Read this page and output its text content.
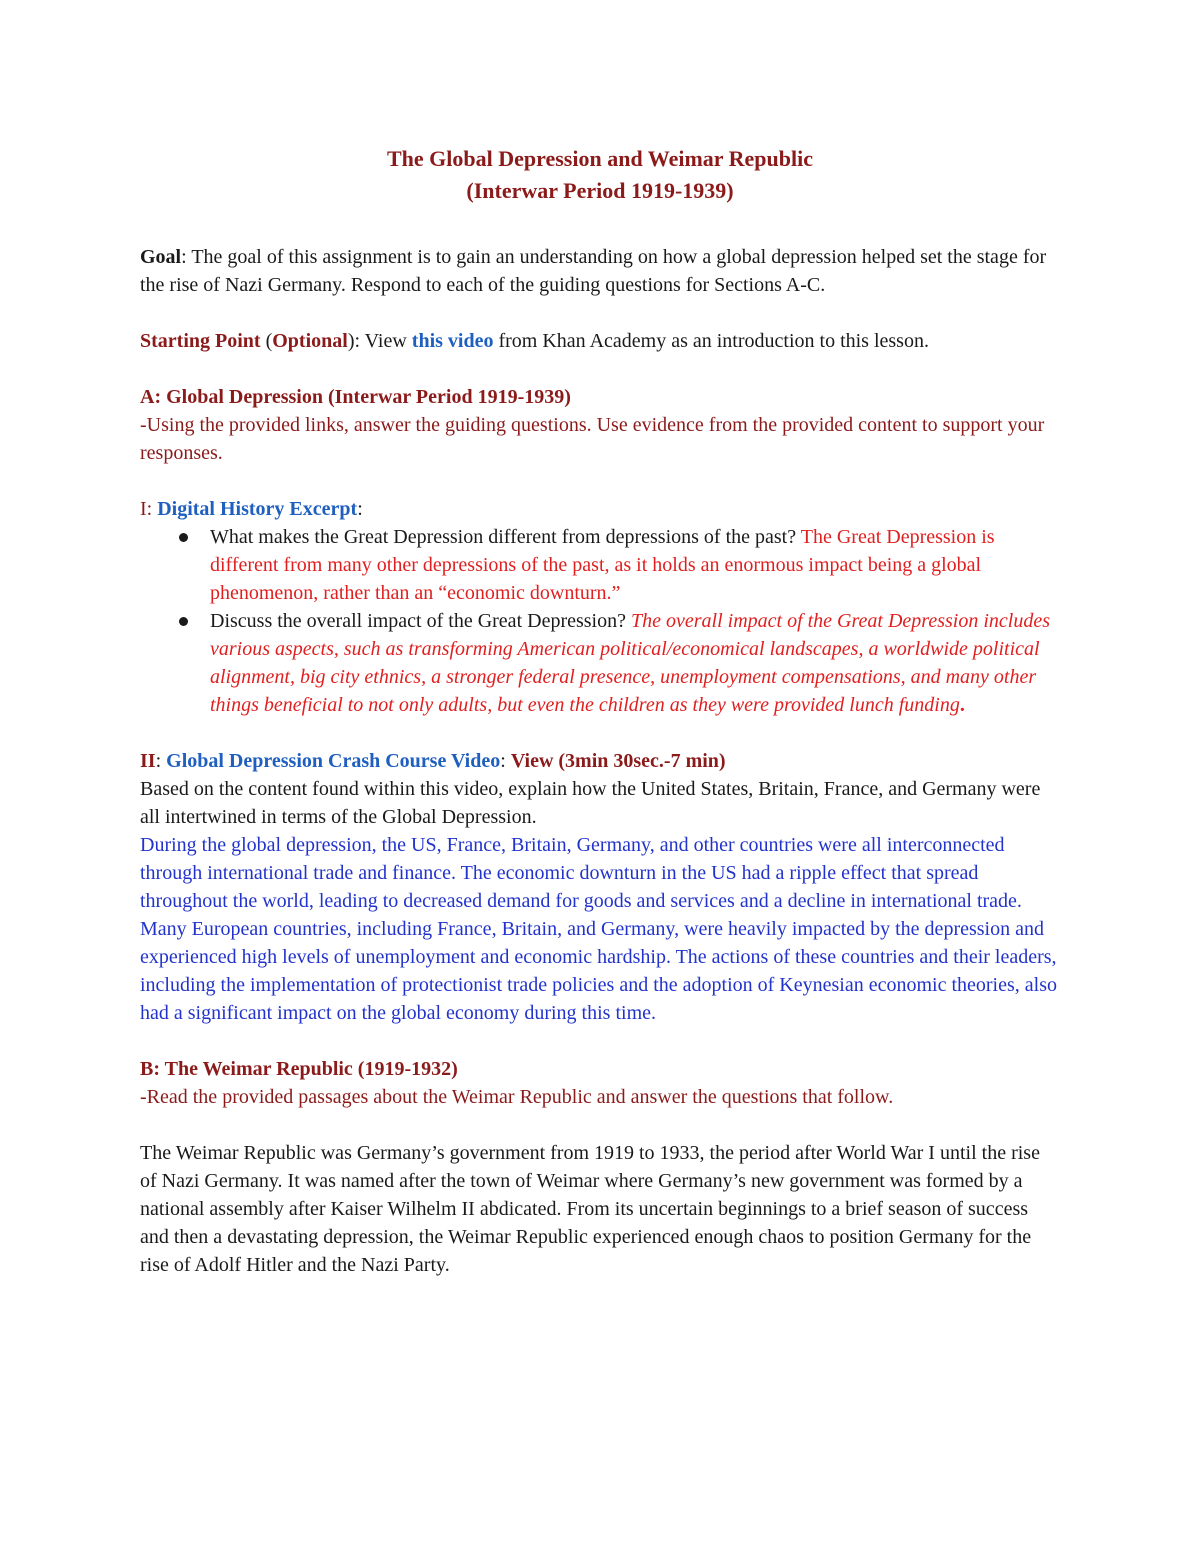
The Global Depression and Weimar Republic
(Interwar Period 1919-1939)

Goal: The goal of this assignment is to gain an understanding on how a global depression helped set the stage for the rise of Nazi Germany. Respond to each of the guiding questions for Sections A-C.

Starting Point (Optional): View this video from Khan Academy as an introduction to this lesson.

A: Global Depression (Interwar Period 1919-1939)

-Using the provided links, answer the guiding questions. Use evidence from the provided content to support your responses.

I: Digital History Excerpt:

What makes the Great Depression different from depressions of the past? The Great Depression is different from many other depressions of the past, as it holds an enormous impact being a global phenomenon, rather than an “economic downturn.”
Discuss the overall impact of the Great Depression? The overall impact of the Great Depression includes various aspects, such as transforming American political/economical landscapes, a worldwide political alignment, big city ethnics, a stronger federal presence, unemployment compensations, and many other things beneficial to not only adults, but even the children as they were provided lunch funding.

II: Global Depression Crash Course Video: View (3min 30sec.-7 min)

Based on the content found within this video, explain how the United States, Britain, France, and Germany were all intertwined in terms of the Global Depression.

During the global depression, the US, France, Britain, Germany, and other countries were all interconnected through international trade and finance. The economic downturn in the US had a ripple effect that spread throughout the world, leading to decreased demand for goods and services and a decline in international trade. Many European countries, including France, Britain, and Germany, were heavily impacted by the depression and experienced high levels of unemployment and economic hardship. The actions of these countries and their leaders, including the implementation of protectionist trade policies and the adoption of Keynesian economic theories, also had a significant impact on the global economy during this time.

B: The Weimar Republic (1919-1932)

-Read the provided passages about the Weimar Republic and answer the questions that follow.

The Weimar Republic was Germany’s government from 1919 to 1933, the period after World War I until the rise of Nazi Germany. It was named after the town of Weimar where Germany’s new government was formed by a national assembly after Kaiser Wilhelm II abdicated. From its uncertain beginnings to a brief season of success and then a devastating depression, the Weimar Republic experienced enough chaos to position Germany for the rise of Adolf Hitler and the Nazi Party.
